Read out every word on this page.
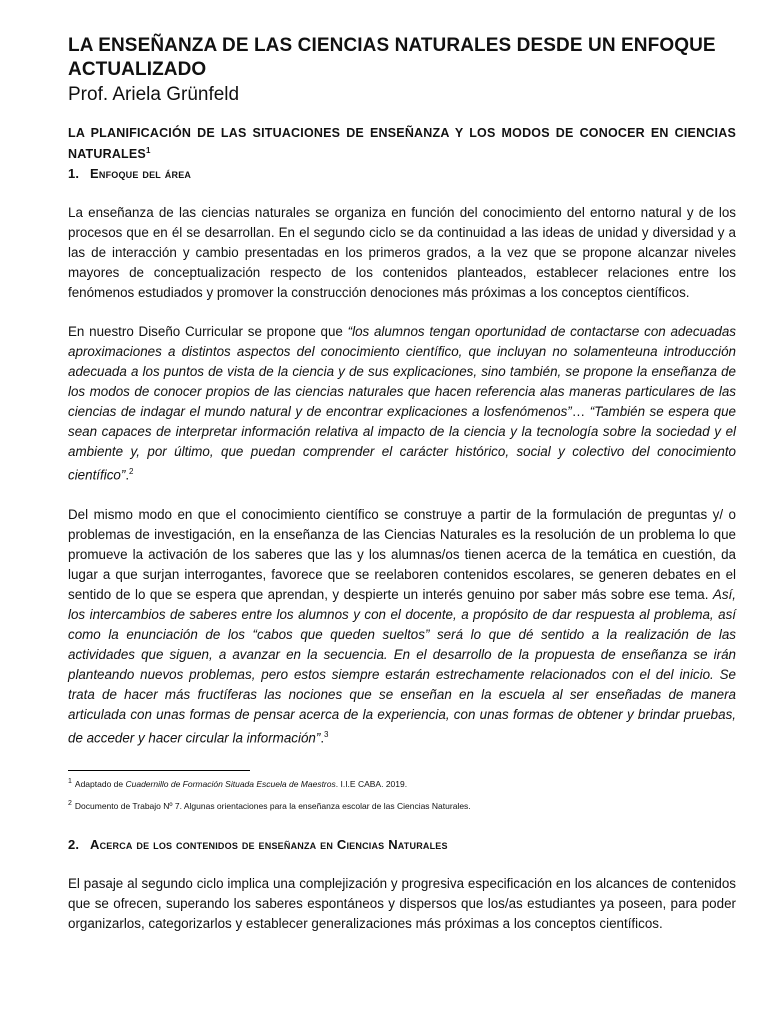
LA ENSEÑANZA DE LAS CIENCIAS NATURALES DESDE UN ENFOQUE ACTUALIZADO
Prof. Ariela Grünfeld
LA PLANIFICACIÓN DE LAS SITUACIONES DE ENSEÑANZA Y LOS MODOS DE CONOCER EN CIENCIAS NATURALES$^1$
1. Enfoque del área

La enseñanza de las ciencias naturales se organiza en función del conocimiento del entorno natural y de los procesos que en él se desarrollan. En el segundo ciclo se da continuidad a las ideas de unidad y diversidad y a las de interacción y cambio presentadas en los primeros grados, a la vez que se propone alcanzar niveles mayores de conceptualización respecto de los contenidos planteados, establecer relaciones entre los fenómenos estudiados y promover la construcción denociones más próximas a los conceptos científicos.

En nuestro Diseño Curricular se propone que “los alumnos tengan oportunidad de contactarse con adecuadas aproximaciones a distintos aspectos del conocimiento científico, que incluyan no solamenteuna introducción adecuada a los puntos de vista de la ciencia y de sus explicaciones, sino también, se propone la enseñanza de los modos de conocer propios de las ciencias naturales que hacen referencia alas maneras particulares de las ciencias de indagar el mundo natural y de encontrar explicaciones a losfenómenos”… “También se espera que sean capaces de interpretar información relativa al impacto de la ciencia y la tecnología sobre la sociedad y el ambiente y, por último, que puedan comprender el carácter histórico, social y colectivo del conocimiento científico”.$^2$

Del mismo modo en que el conocimiento científico se construye a partir de la formulación de preguntas y/ o problemas de investigación, en la enseñanza de las Ciencias Naturales es la resolución de un problema lo que promueve la activación de los saberes que las y los alumnas/os tienen acerca de la temática en cuestión, da lugar a que surjan interrogantes, favorece que se reelaboren contenidos escolares, se generen debates en el sentido de lo que se espera que aprendan, y despierte un interés genuino por saber más sobre ese tema. Así, los intercambios de saberes entre los alumnos y con el docente, a propósito de dar respuesta al problema, así como la enunciación de los “cabos que queden sueltos” será lo que dé sentido a la realización de las actividades que siguen, a avanzar en la secuencia. En el desarrollo de la propuesta de enseñanza se irán planteando nuevos problemas, pero estos siempre estarán estrechamente relacionados con el del inicio. Se trata de hacer más fructíferas las nociones que se enseñan en la escuela al ser enseñadas de manera articulada con unas formas de pensar acerca de la experiencia, con unas formas de obtener y brindar pruebas, de acceder y hacer circular la información”.$^3$

$^1$ Adaptado de Cuadernillo de Formación Situada Escuela de Maestros. I.I.E CABA. 2019.
$^2$ Documento de Trabajo Nº 7. Algunas orientaciones para la enseñanza escolar de las Ciencias Naturales.
2. Acerca de los contenidos de enseñanza en Ciencias Naturales

El pasaje al segundo ciclo implica una complejización y progresiva especificación en los alcances de contenidos que se ofrecen, superando los saberes espontáneos y dispersos que los/as estudiantes ya poseen, para poder organizarlos, categorizarlos y establecer generalizaciones más próximas a los conceptos científicos.
